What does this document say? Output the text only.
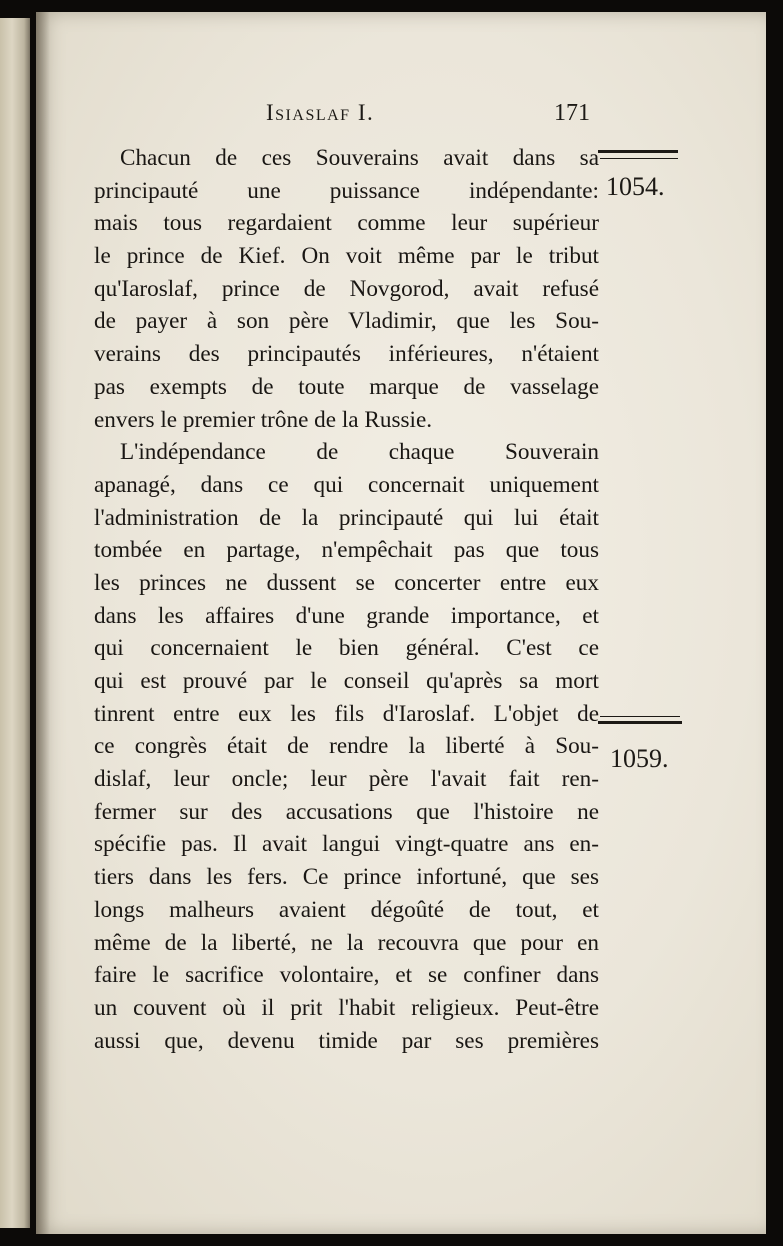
Isiaslaf I.	171
1054.
1059.
Chacun de ces Souverains avait dans sa
principauté une puissance indépendante:
mais tous regardaient comme leur supérieur
le prince de Kief. On voit même par le tribut
qu'Iaroslaf, prince de Novgorod, avait refusé
de payer à son père Vladimir, que les Sou-
verains des principautés inférieures, n'étaient
pas exempts de toute marque de vasselage
envers le premier trône de la Russie.
L'indépendance de chaque Souverain
apanagé, dans ce qui concernait uniquement
l'administration de la principauté qui lui était
tombée en partage, n'empêchait pas que tous
les princes ne dussent se concerter entre eux
dans les affaires d'une grande importance, et
qui concernaient le bien général. C'est ce
qui est prouvé par le conseil qu'après sa mort
tinrent entre eux les fils d'Iaroslaf. L'objet de
ce congrès était de rendre la liberté à Sou-
dislaf, leur oncle; leur père l'avait fait ren-
fermer sur des accusations que l'histoire ne
spécifie pas. Il avait langui vingt-quatre ans en-
tiers dans les fers. Ce prince infortuné, que ses
longs malheurs avaient dégoûté de tout, et
même de la liberté, ne la recouvra que pour en
faire le sacrifice volontaire, et se confiner dans
un couvent où il prit l'habit religieux. Peut-être
aussi que, devenu timide par ses premières
